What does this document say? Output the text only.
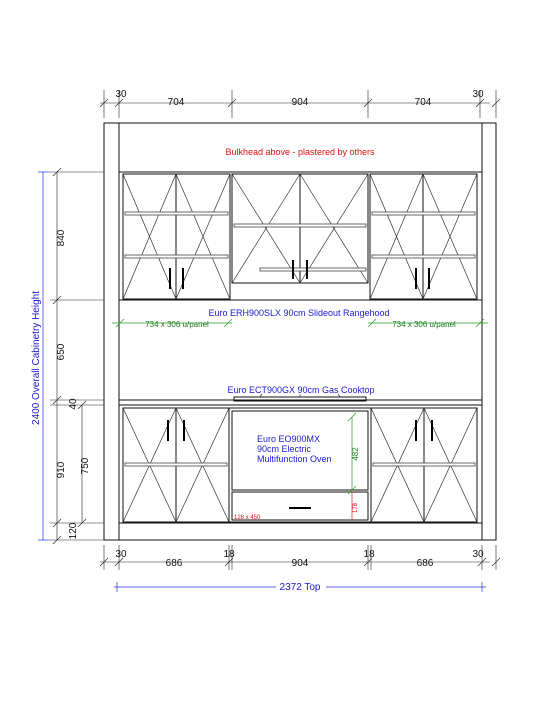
30
704	904	704
30
Bulkhead above - plastered by others
Euro ERH900SLX 90cm Slideout Rangehood
734 x 306 u/panel	734 x 306 u/panel
Euro ECT900GX 90cm Gas Cooktop
Euro EO900MX
90cm Electric
Multifunction Oven
128 x 450
482
178
840
650
40
910 750
120
2400 Overall Cabinetry Height
30
686
18
904
18
686
30
2372 Top
